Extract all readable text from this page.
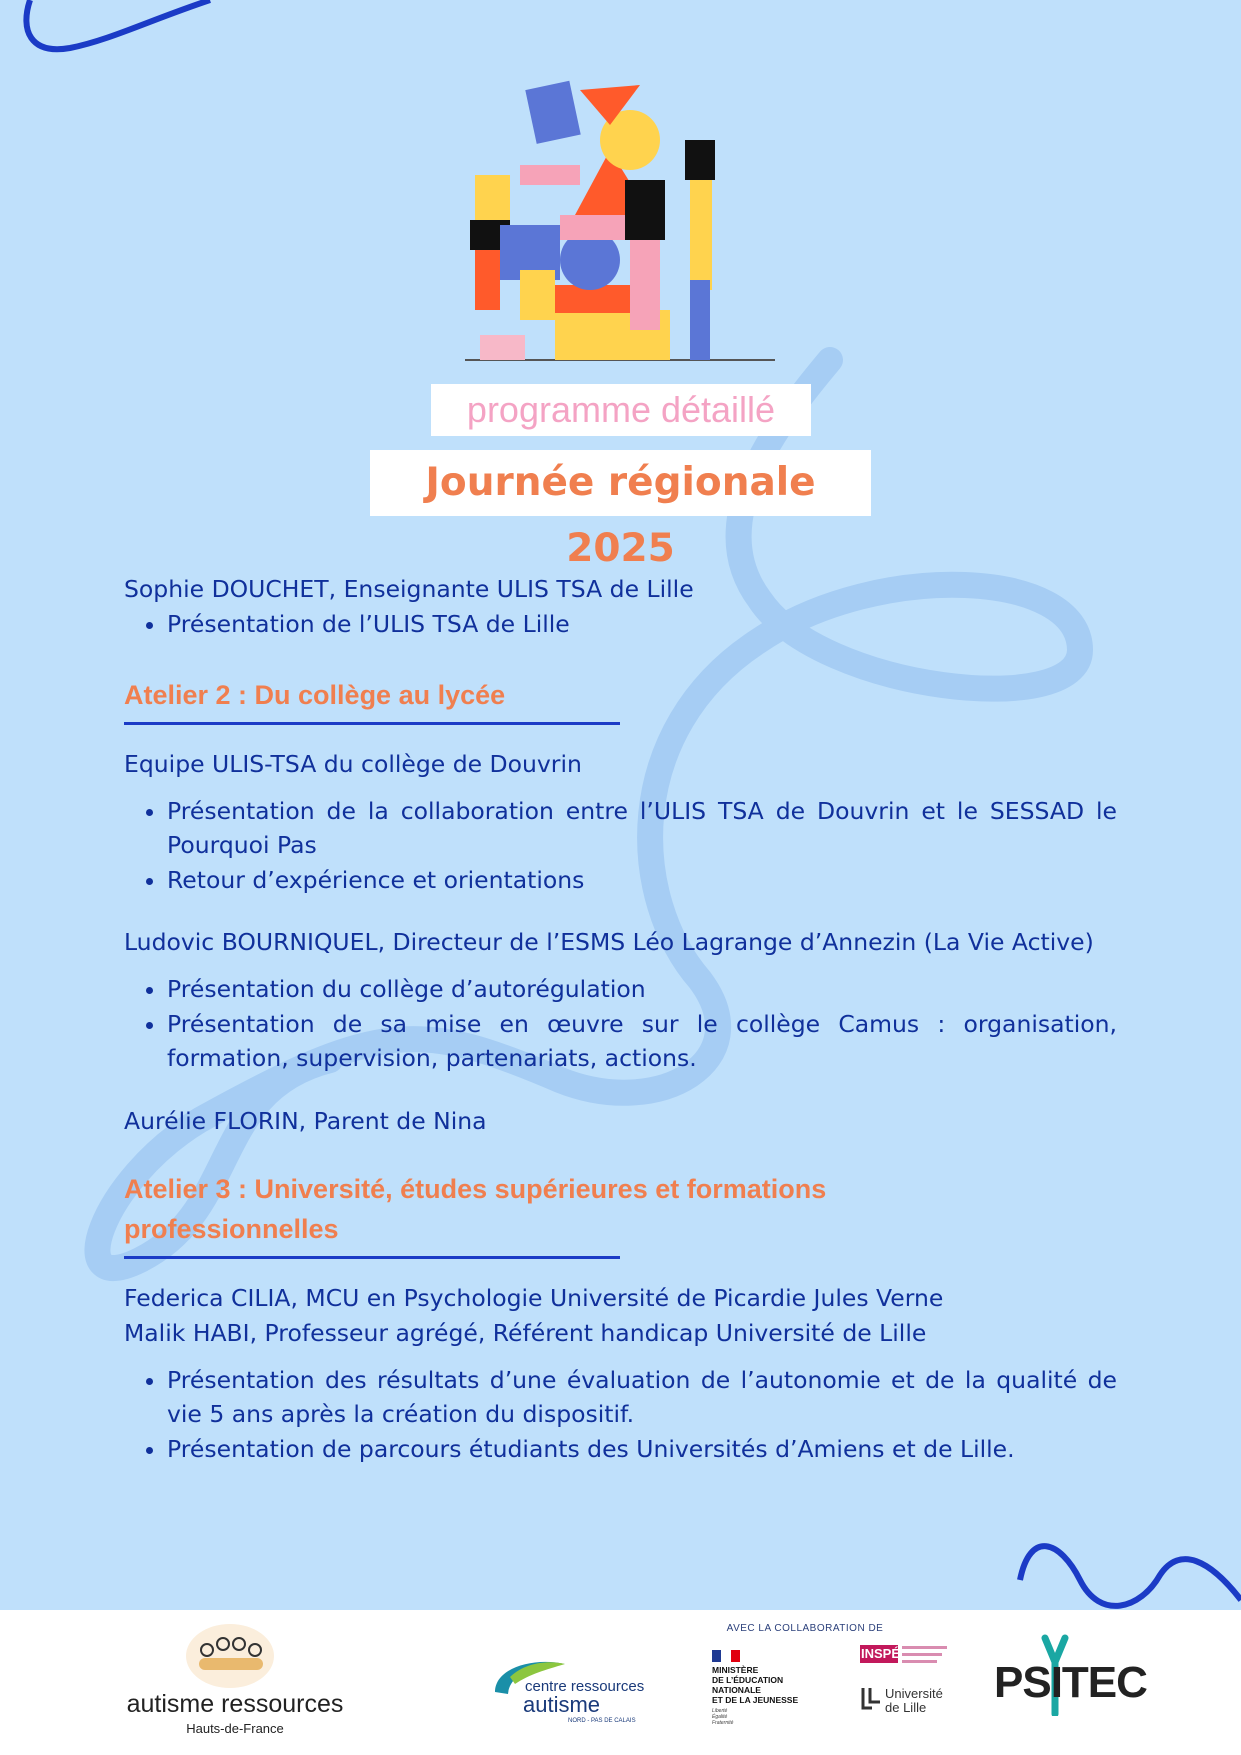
programme détaillé
Journée régionale 2025

Sophie DOUCHET, Enseignante ULIS TSA de Lille

• Présentation de l’ULIS TSA de Lille

Atelier 2 : Du collège au lycée

Equipe ULIS-TSA du collège de Douvrin

• Présentation de la collaboration entre l’ULIS TSA de Douvrin et le SESSAD le Pourquoi Pas
• Retour d’expérience et orientations

Ludovic BOURNIQUEL, Directeur de l’ESMS Léo Lagrange d’Annezin (La Vie Active)

• Présentation du collège d’autorégulation
• Présentation de sa mise en œuvre sur le collège Camus : organisation, formation, supervision, partenariats, actions.

Aurélie FLORIN, Parent de Nina

Atelier 3 : Université, études supérieures et formations

professionnelles

Federica CILIA, MCU en Psychologie Université de Picardie Jules Verne

Malik HABI, Professeur agrégé, Référent handicap Université de Lille

• Présentation des résultats d’une évaluation de l’autonomie et de la qualité de vie 5 ans après la création du dispositif.
• Présentation de parcours étudiants des Universités d’Amiens et de Lille.
autisme ressources
Hauts-de-France
centre ressources
autisme
NORD - PAS DE CALAIS
AVEC LA COLLABORATION DE
MINISTÈRE
DE L’ÉDUCATION
NATIONALE
ET DE LA JEUNESSE
Liberté
Égalité
Fraternité
INSPÉ
Université
de Lille
PSITEC
